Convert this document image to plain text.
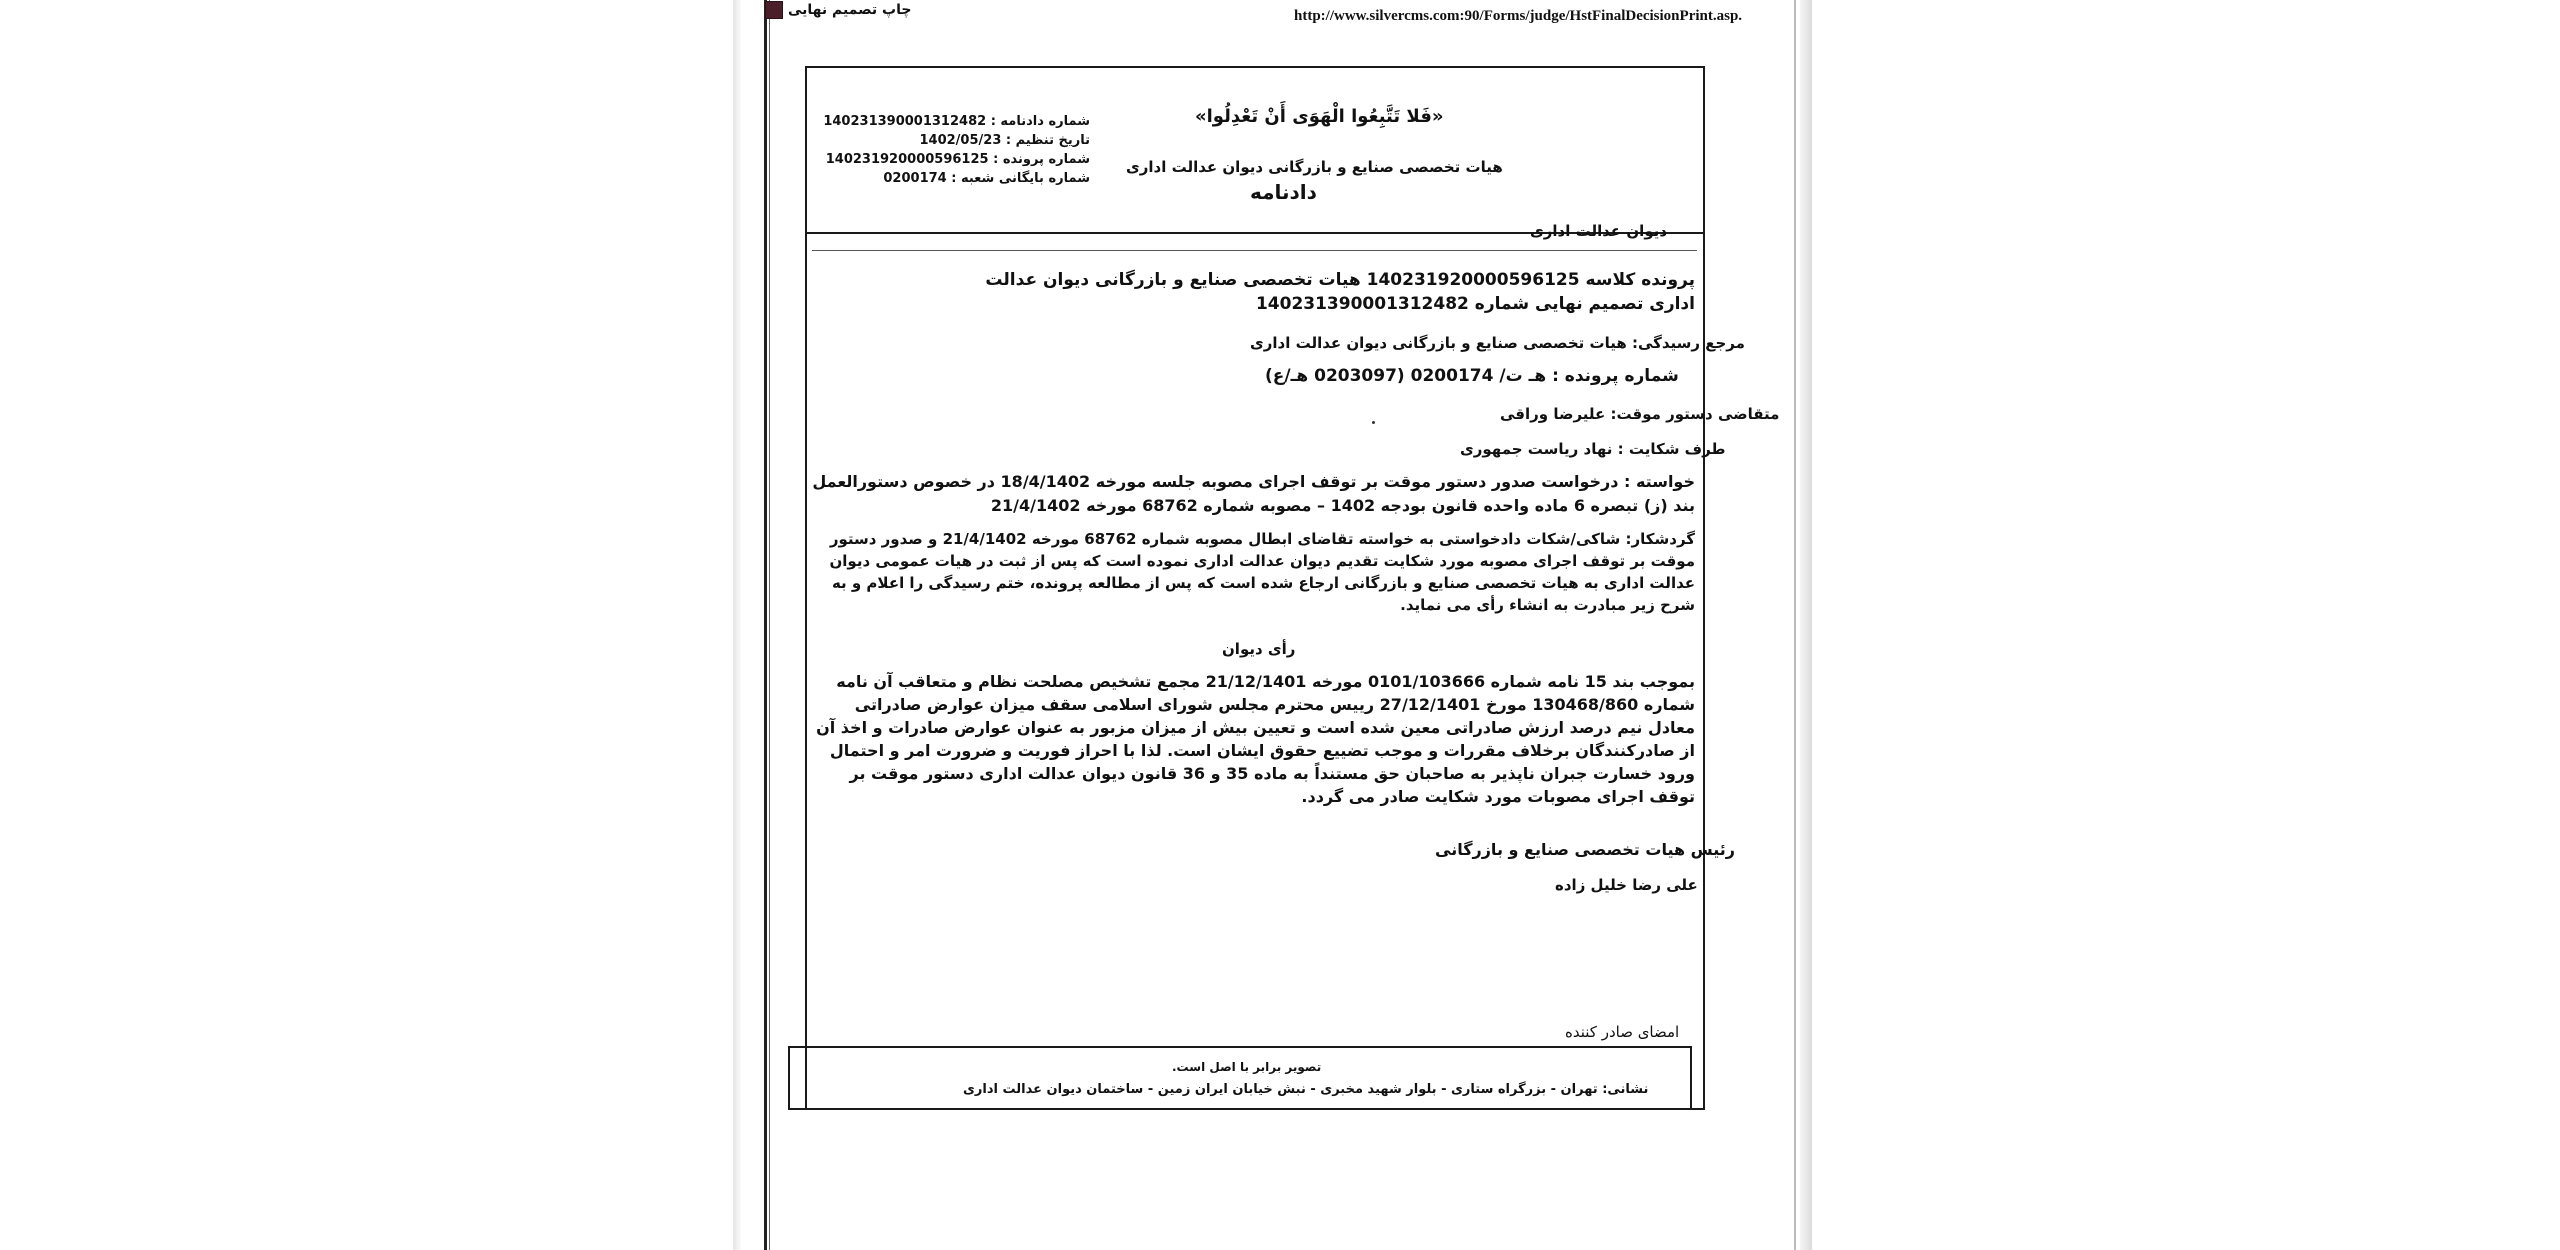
چاپ تصمیم نهایی	http://www.silvercms.com:90/Forms/judge/HstFinalDecisionPrint.asp.
«فَلا تَتَّبِعُوا الْهَوَى أَنْ تَعْدِلُوا»
هیات تخصصی صنایع و بازرگانی دیوان عدالت اداری
دادنامه
دیوان عدالت اداری
شماره دادنامه : 140231390001312482
تاریخ تنظیم : 1402/05/23
شماره پرونده : 140231920000596125
شماره بایگانی شعبه : 0200174
پرونده کلاسه 140231920000596125 هیات تخصصی صنایع و بازرگانی دیوان عدالت اداری تصمیم نهایی شماره 140231390001312482
مرجع رسیدگی: هیات تخصصی صنایع و بازرگانی دیوان عدالت اداری
شماره پرونده : هـ ت/ 0200174 (0203097 هـ/ع)
متقاضی دستور موقت: علیرضا وراقی
طرف شکایت : نهاد ریاست جمهوری
خواسته : درخواست صدور دستور موقت بر توقف اجرای مصوبه جلسه مورخه 18/4/1402 در خصوص دستورالعمل بند (ز) تبصره 6 ماده واحده قانون بودجه 1402 – مصوبه شماره 68762 مورخه 21/4/1402
گردشکار: شاکی/شکات دادخواستی به خواسته تقاضای ابطال مصوبه شماره 68762 مورخه 21/4/1402 و صدور دستور موقت بر توقف اجرای مصوبه مورد شکایت تقدیم دیوان عدالت اداری نموده است که پس از ثبت در هیات عمومی دیوان عدالت اداری به هیات تخصصی صنایع و بازرگانی ارجاع شده است که پس از مطالعه پرونده، ختم رسیدگی را اعلام و به شرح زیر مبادرت به انشاء رأی می نماید.
رأی دیوان
بموجب بند 15 نامه شماره 0101/103666 مورخه 21/12/1401 مجمع تشخیص مصلحت نظام و متعاقب آن نامه شماره 130468/860 مورخ 27/12/1401 رییس محترم مجلس شورای اسلامی سقف میزان عوارض صادراتی معادل نیم درصد ارزش صادراتی معین شده است و تعیین بیش از میزان مزبور به عنوان عوارض صادرات و اخذ آن از صادرکنندگان برخلاف مقررات و موجب تضییع حقوق ایشان است. لذا با احراز فوریت و ضرورت امر و احتمال ورود خسارت جبران ناپذیر به صاحبان حق مستنداً به ماده 35 و 36 قانون دیوان عدالت اداری دستور موقت بر توقف اجرای مصوبات مورد شکایت صادر می گردد.
رئیس هیات تخصصی صنایع و بازرگانی
علی رضا خلیل زاده
امضای صادر کننده
تصویر برابر با اصل است.
نشانی: تهران - بزرگراه ستاری - بلوار شهید مخبری - نبش خیابان ایران زمین - ساختمان دیوان عدالت اداری
